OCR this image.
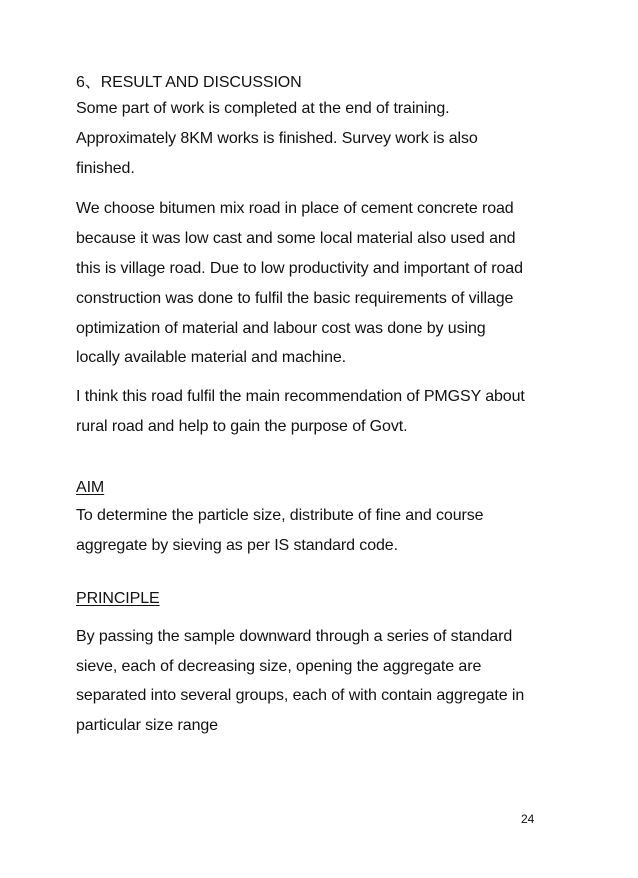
6、RESULT AND DISCUSSION
Some part of work is completed at the end of training.
Approximately 8KM works is finished. Survey work is also
finished.
We choose bitumen mix road in place of cement concrete road
because it was low cast and some local material also used and
this is village road. Due to low productivity and important of road
construction was done to fulfil the basic requirements of village
optimization of material and labour cost was done by using
locally available material and machine.
I think this road fulfil the main recommendation of PMGSY about
rural road and help to gain the purpose of Govt.
AIM
To determine the particle size, distribute of fine and course
aggregate by sieving as per IS standard code.
PRINCIPLE
By passing the sample downward through a series of standard
sieve, each of decreasing size, opening the aggregate are
separated into several groups, each of with contain aggregate in
particular size range
24
